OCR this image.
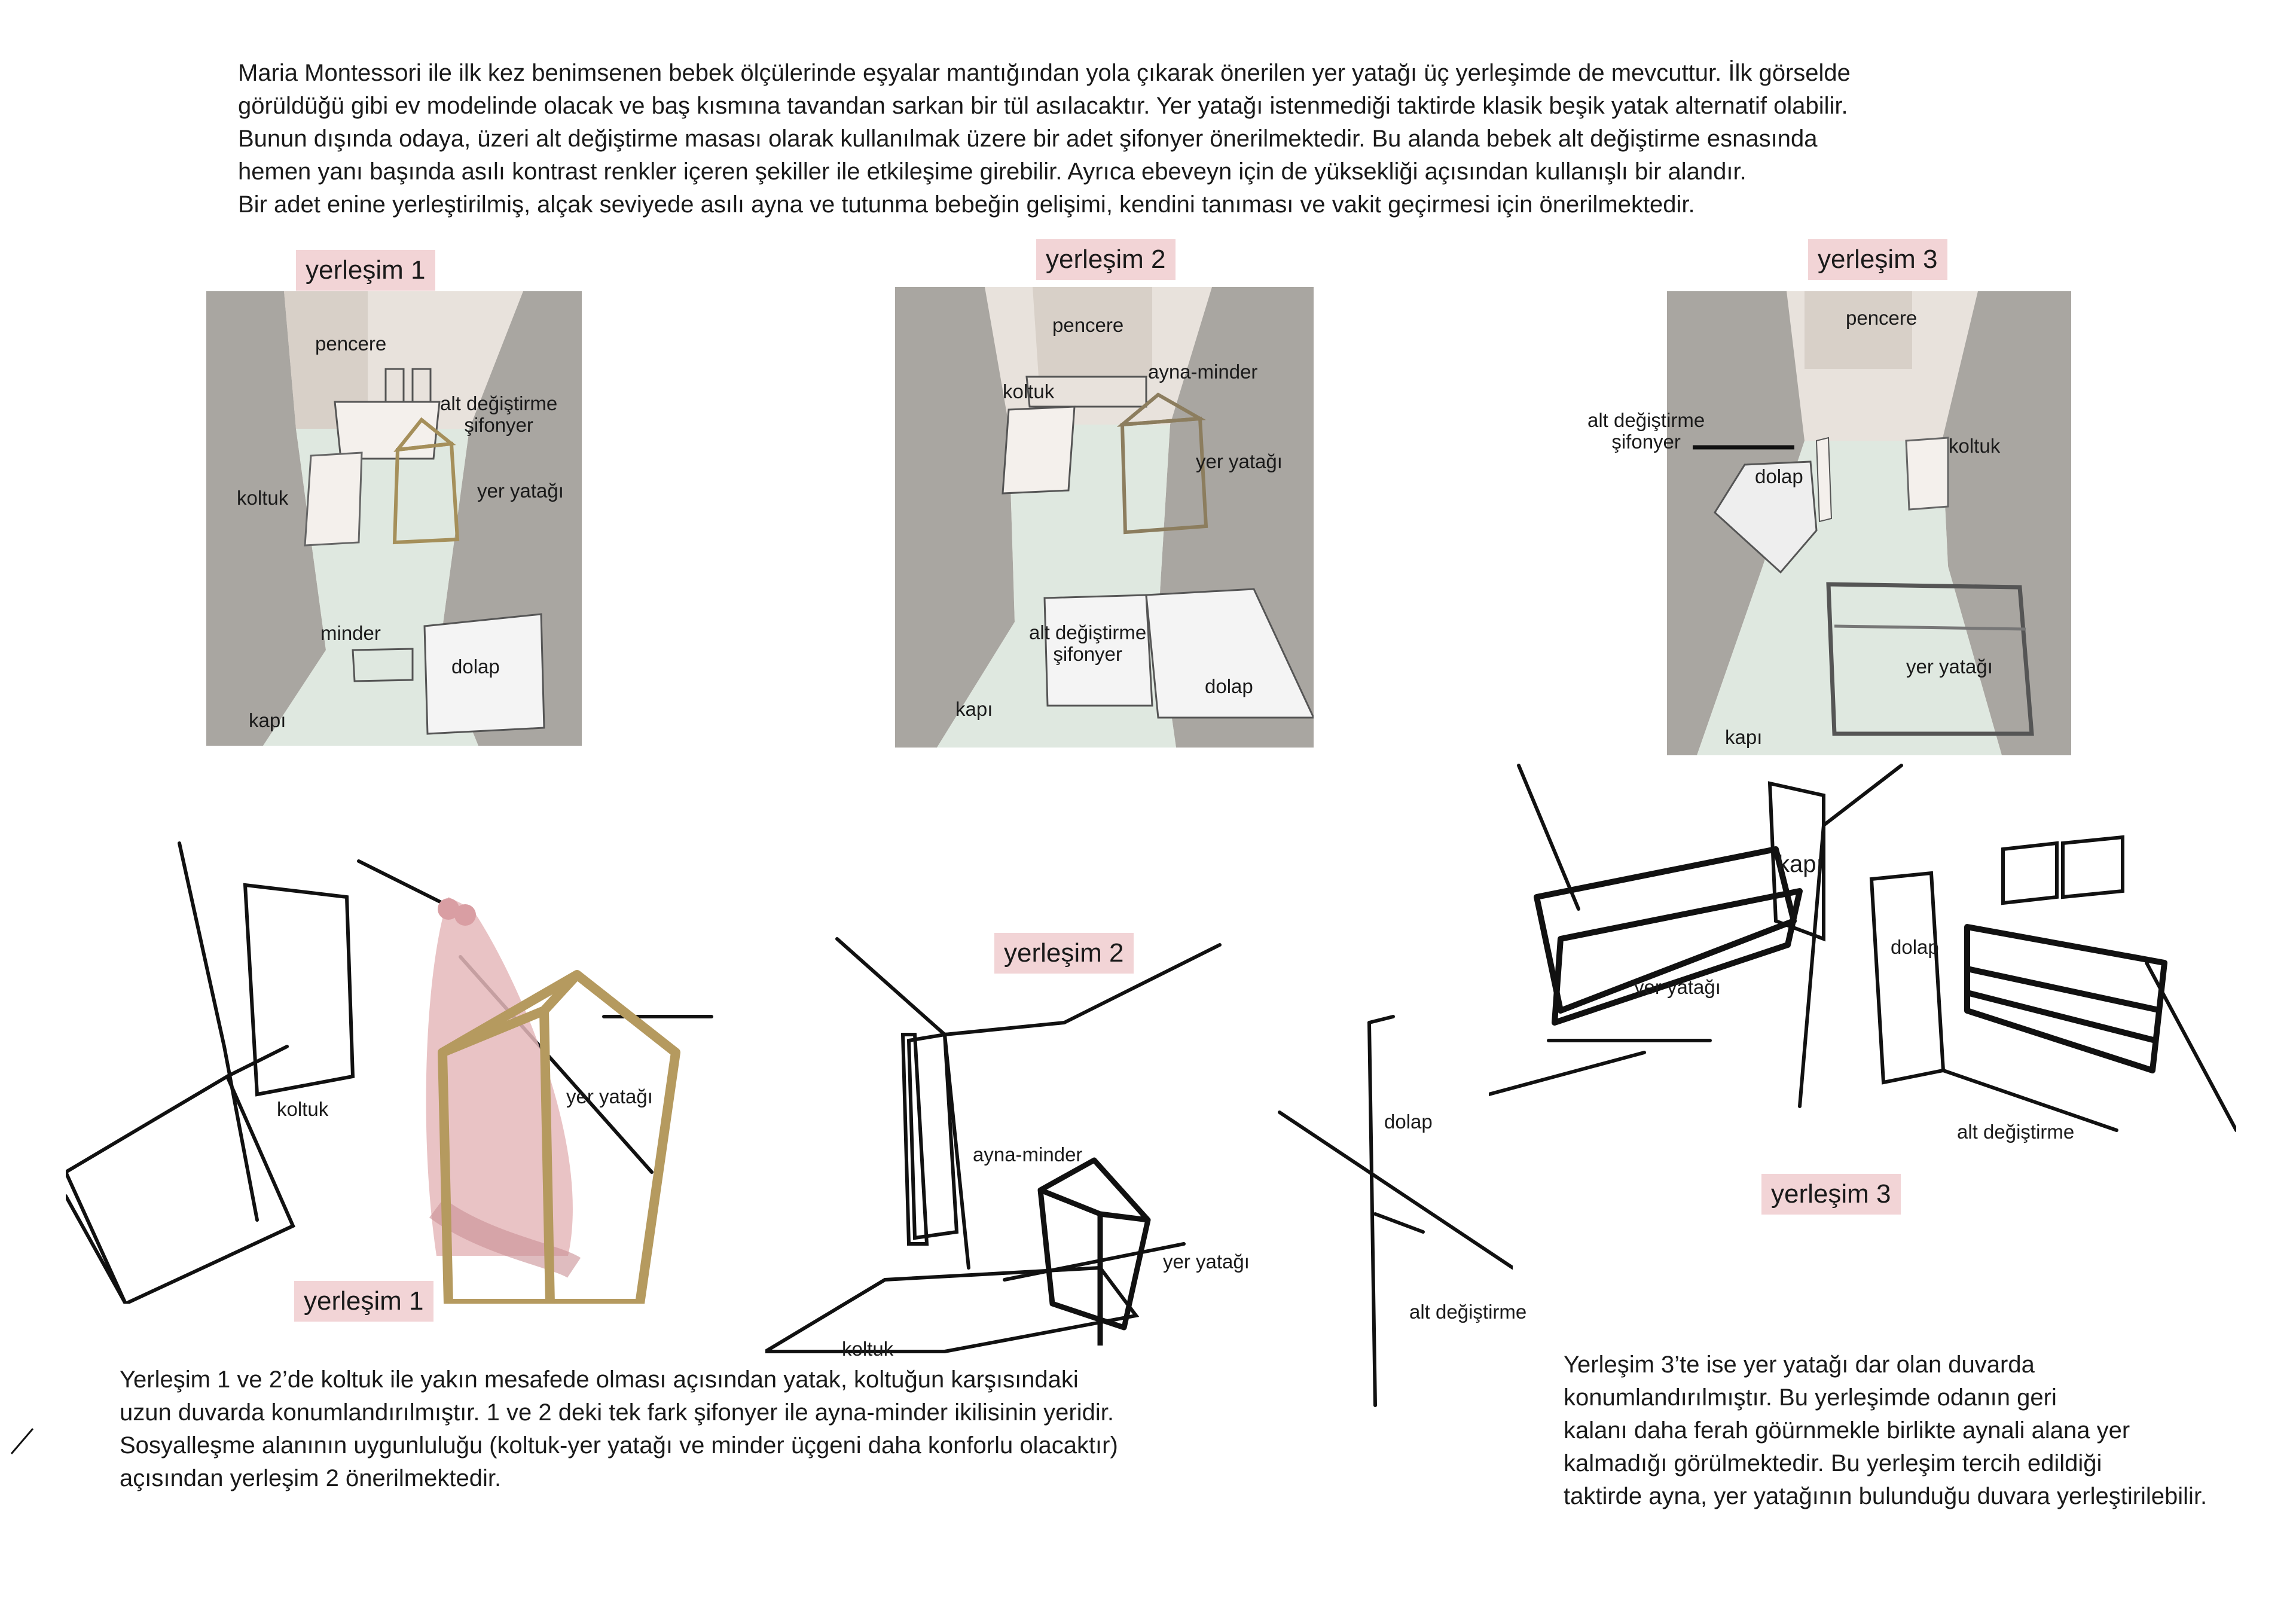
Maria Montessori ile ilk kez benimsenen bebek ölçülerinde eşyalar mantığından yola çıkarak önerilen yer yatağı üç yerleşimde de mevcuttur. İlk görselde

görüldüğü gibi ev modelinde olacak ve baş kısmına tavandan sarkan bir tül asılacaktır. Yer yatağı istenmediği taktirde klasik beşik yatak alternatif olabilir.

Bunun dışında odaya, üzeri alt değiştirme masası olarak kullanılmak üzere bir adet şifonyer önerilmektedir. Bu alanda bebek alt değiştirme esnasında

hemen yanı başında asılı kontrast renkler içeren şekiller ile etkileşime girebilir. Ayrıca ebeveyn için de yüksekliği açısından kullanışlı bir alandır.

Bir adet enine yerleştirilmiş, alçak seviyede asılı ayna ve tutunma bebeğin gelişimi, kendini tanıması ve vakit geçirmesi için önerilmektedir.

yerleşim 1
pencere
alt değiştirme
şifonyer
koltuk	yer yatağı
minder
dolap
kapı
yerleşim 2
pencere
ayna-minder
koltuk
yer yatağı
alt değiştirme
şifonyer
dolap
kapı
yerleşim 3
pencere
alt değiştirme
şifonyer	koltuk
dolap
yer yatağı
kapı
koltuk
yer yatağı
yerleşim 1
yerleşim 2
ayna-minder
yer yatağı
koltuk
dolap
alt değiştirme
kapı
yer yatağı
dolap
alt değiştirme
yerleşim 3

Yerleşim 1 ve 2’de koltuk ile yakın mesafede olması açısından yatak, koltuğun karşısındaki

uzun duvarda konumlandırılmıştır. 1 ve 2 deki tek fark şifonyer ile ayna-minder ikilisinin yeridir.

Sosyalleşme alanının uygunluluğu (koltuk-yer yatağı ve minder üçgeni daha konforlu olacaktır)

açısından yerleşim 2 önerilmektedir.

Yerleşim 3’te ise yer yatağı dar olan duvarda

konumlandırılmıştır. Bu yerleşimde odanın geri

kalanı daha ferah göürnmekle birlikte aynali alana yer

kalmadığı görülmektedir. Bu yerleşim tercih edildiği

taktirde ayna, yer yatağının bulunduğu duvara yerleştirilebilir.
